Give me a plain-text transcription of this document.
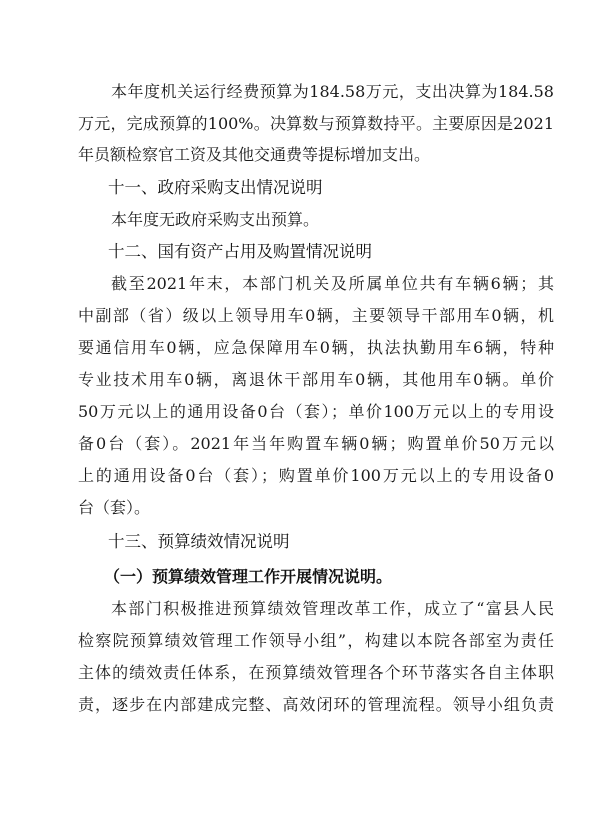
本年度机关运行经费预算为184.58万元，支出决算为184.58
万元，完成预算的100%。决算数与预算数持平。主要原因是2021
年员额检察官工资及其他交通费等提标增加支出。
十一、政府采购支出情况说明
本年度无政府采购支出预算。
十二、国有资产占用及购置情况说明
截至2021年末，本部门机关及所属单位共有车辆6辆；其
中副部（省）级以上领导用车0辆，主要领导干部用车0辆，机
要通信用车0辆，应急保障用车0辆，执法执勤用车6辆，特种
专业技术用车0辆，离退休干部用车0辆，其他用车0辆。单价
50万元以上的通用设备0台（套）；单价100万元以上的专用设
备0台（套）。2021年当年购置车辆0辆；购置单价50万元以
上的通用设备0台（套）；购置单价100万元以上的专用设备0
台（套）。
十三、预算绩效情况说明
（一）预算绩效管理工作开展情况说明。
本部门积极推进预算绩效管理改革工作，成立了“富县人民
检察院预算绩效管理工作领导小组”，构建以本院各部室为责任
主体的绩效责任体系，在预算绩效管理各个环节落实各自主体职
责，逐步在内部建成完整、高效闭环的管理流程。领导小组负责
